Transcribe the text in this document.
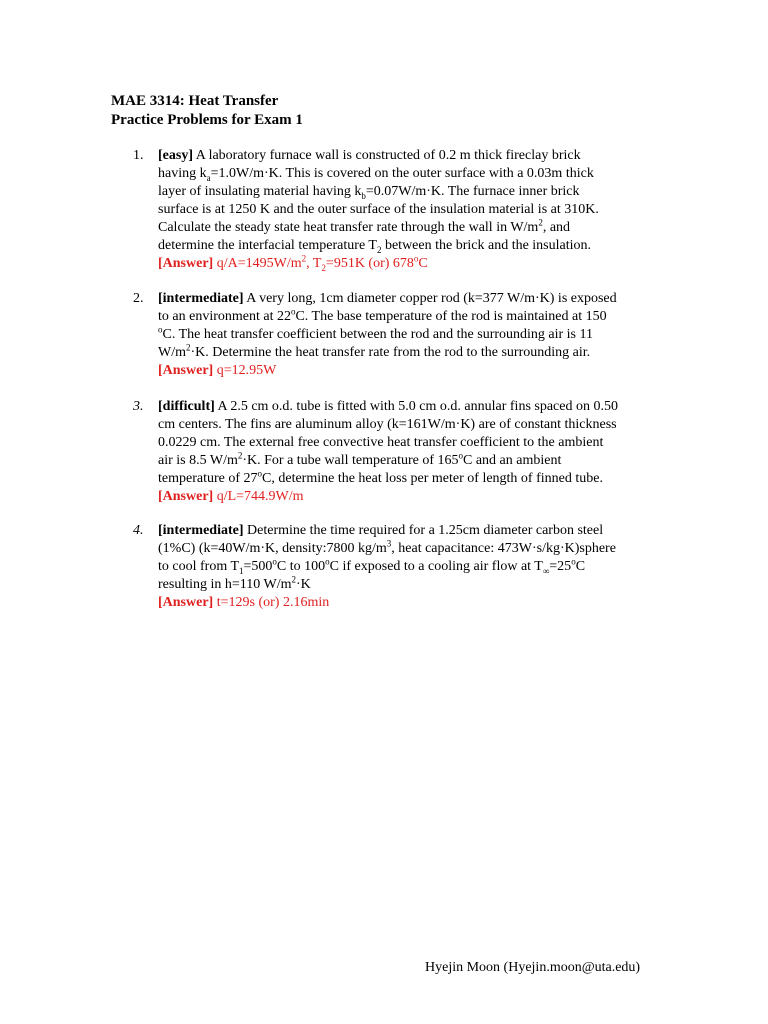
MAE 3314: Heat Transfer
Practice Problems for Exam 1
1. [easy] A laboratory furnace wall is constructed of 0.2 m thick fireclay brick
having $k_a=1.0W/m\cdot K$. This is covered on the outer surface with a 0.03m thick
layer of insulating material having $k_b=0.07W/m\cdot K$. The furnace inner brick
surface is at 1250 K and the outer surface of the insulation material is at 310K.
Calculate the steady state heat transfer rate through the wall in $W/m^2$, and
determine the interfacial temperature $T_2$ between the brick and the insulation.
[Answer] $q/A=1495W/m^2$, $T_2=951K$ (or) 678$^o$C
2. [intermediate] A very long, 1cm diameter copper rod (k=377 W/m·K) is exposed
to an environment at 22$^o$C. The base temperature of the rod is maintained at 150
$^o$C. The heat transfer coefficient between the rod and the surrounding air is 11
$W/m^2\cdot K$. Determine the heat transfer rate from the rod to the surrounding air.
[Answer] q=12.95W
3. [difficult] A 2.5 cm o.d. tube is fitted with 5.0 cm o.d. annular fins spaced on 0.50
cm centers. The fins are aluminum alloy (k=161W/m·K) are of constant thickness
0.0229 cm. The external free convective heat transfer coefficient to the ambient
air is 8.5 $W/m^2\cdot K$. For a tube wall temperature of 165$^o$C and an ambient
temperature of 27$^o$C, determine the heat loss per meter of length of finned tube.
[Answer] q/L=744.9W/m
4. [intermediate] Determine the time required for a 1.25cm diameter carbon steel
(1%C) (k=40W/m·K, density:7800 $kg/m^3$, heat capacitance: 473W·s/kg·K)sphere
to cool from $T_1=500^oC$ to 100$^o$C if exposed to a cooling air flow at $T_\infty=25^oC$
resulting in h=110 $W/m^2\cdot K$
[Answer] t=129s (or) 2.16min
Hyejin Moon (Hyejin.moon@uta.edu)
